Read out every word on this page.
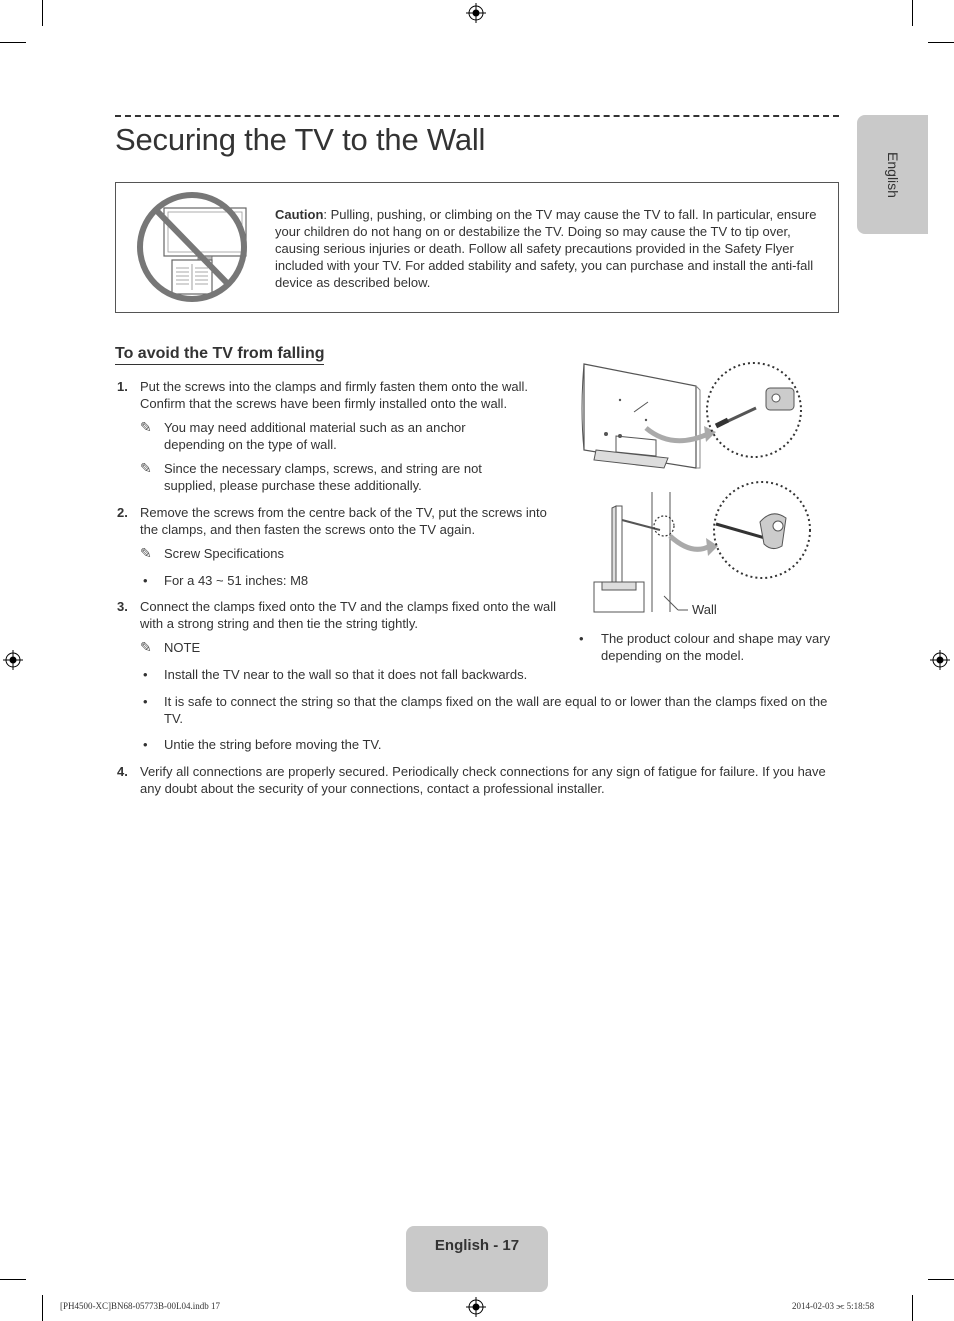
Securing the TV to the Wall
English
Caution: Pulling, pushing, or climbing on the TV may cause the TV to fall. In particular, ensure your children do not hang on or destabilize the TV. Doing so may cause the TV to tip over, causing serious injuries or death. Follow all safety precautions provided in the Safety Flyer included with your TV. For added stability and safety, you can purchase and install the anti-fall device as described below.
To avoid the TV from falling
1. Put the screws into the clamps and firmly fasten them onto the wall. Confirm that the screws have been firmly installed onto the wall.
✎ You may need additional material such as an anchor depending on the type of wall.
✎ Since the necessary clamps, screws, and string are not supplied, please purchase these additionally.
2. Remove the screws from the centre back of the TV, put the screws into the clamps, and then fasten the screws onto the TV again.
✎ Screw Specifications
• For a 43 ~ 51 inches: M8
3. Connect the clamps fixed onto the TV and the clamps fixed onto the wall with a strong string and then tie the string tightly.
✎ NOTE
• Install the TV near to the wall so that it does not fall backwards.
• It is safe to connect the string so that the clamps fixed on the wall are equal to or lower than the clamps fixed on the TV.
• Untie the string before moving the TV.
4. Verify all connections are properly secured. Periodically check connections for any sign of fatigue for failure. If you have any doubt about the security of your connections, contact a professional installer.
Wall
• The product colour and shape may vary depending on the model.
English - 17
[PH4500-XC]BN68-05773B-00L04.indb 17	2014-02-03 ⫘ 5:18:58
